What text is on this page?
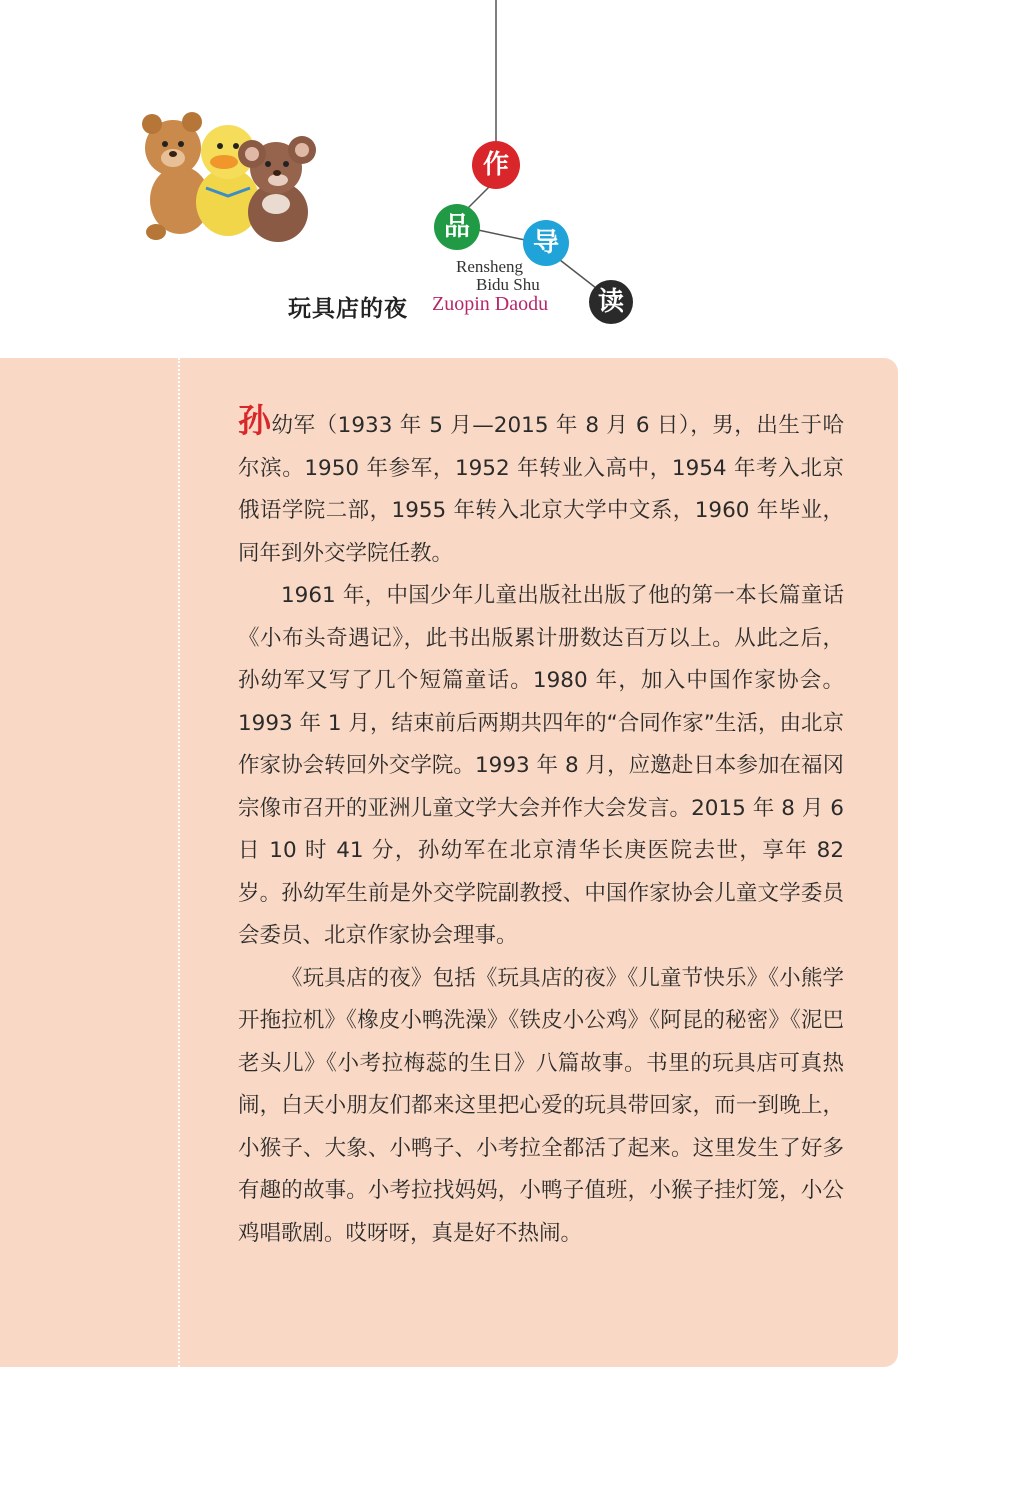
作
品
导
读
Rensheng
Bidu Shu
Zuopin Daodu
玩具店的夜

孙幼军（1933 年 5 月—2015 年 8 月 6 日），男，出生于哈尔滨。1950 年参军，1952 年转业入高中，1954 年考入北京俄语学院二部，1955 年转入北京大学中文系，1960 年毕业，同年到外交学院任教。

1961 年，中国少年儿童出版社出版了他的第一本长篇童话《小布头奇遇记》，此书出版累计册数达百万以上。从此之后，孙幼军又写了几个短篇童话。1980 年，加入中国作家协会。1993 年 1 月，结束前后两期共四年的“合同作家”生活，由北京作家协会转回外交学院。1993 年 8 月，应邀赴日本参加在福冈宗像市召开的亚洲儿童文学大会并作大会发言。2015 年 8 月 6 日 10 时 41 分，孙幼军在北京清华长庚医院去世，享年 82 岁。孙幼军生前是外交学院副教授、中国作家协会儿童文学委员会委员、北京作家协会理事。

《玩具店的夜》包括《玩具店的夜》《儿童节快乐》《小熊学开拖拉机》《橡皮小鸭洗澡》《铁皮小公鸡》《阿昆的秘密》《泥巴老头儿》《小考拉梅蕊的生日》八篇故事。书里的玩具店可真热闹，白天小朋友们都来这里把心爱的玩具带回家，而一到晚上，小猴子、大象、小鸭子、小考拉全都活了起来。这里发生了好多有趣的故事。小考拉找妈妈，小鸭子值班，小猴子挂灯笼，小公鸡唱歌剧。哎呀呀，真是好不热闹。
